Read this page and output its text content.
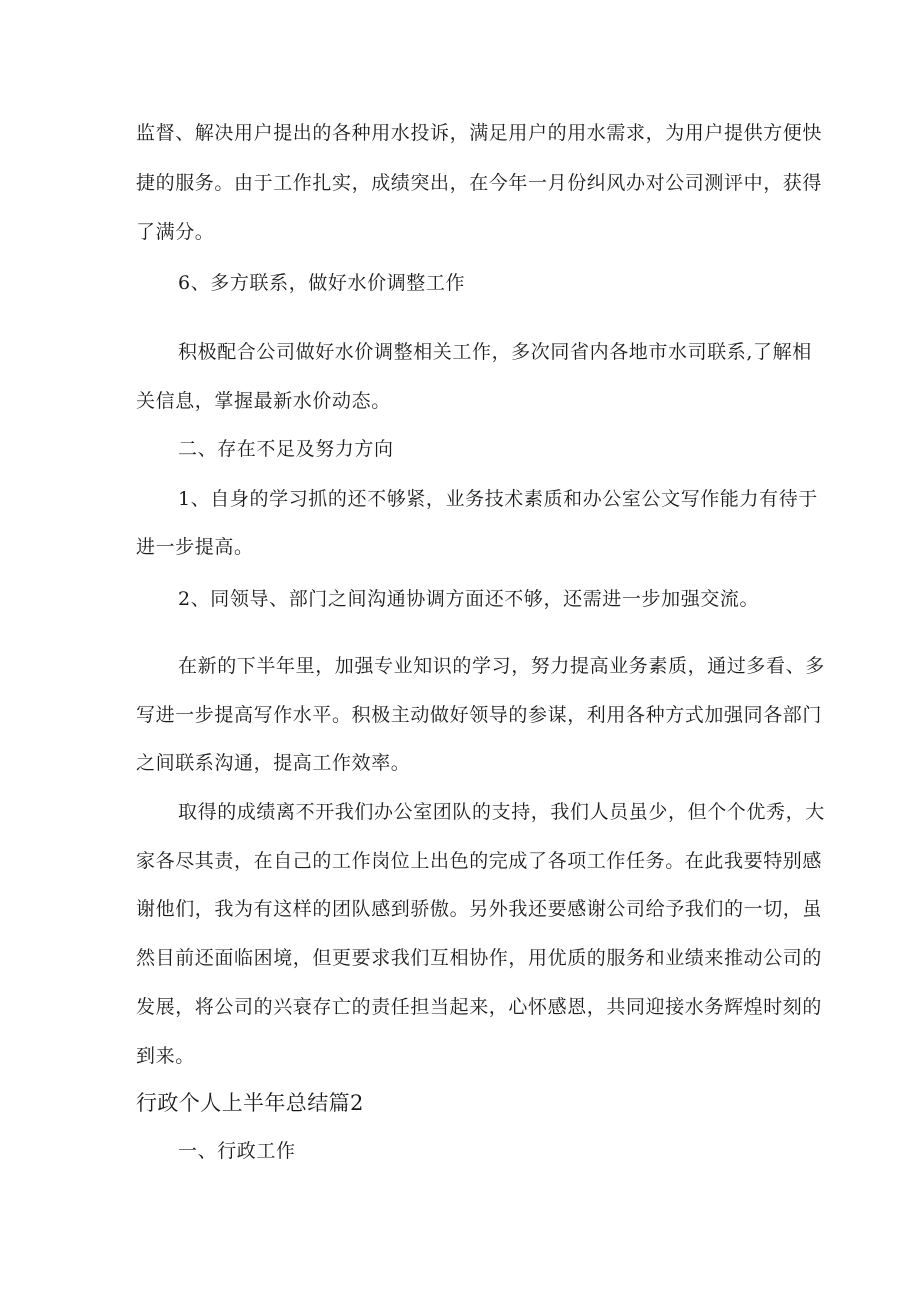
监督、解决用户提出的各种用水投诉，满足用户的用水需求，为用户提供方便快
捷的服务。由于工作扎实，成绩突出，在今年一月份纠风办对公司测评中，获得
了满分。
6、多方联系，做好水价调整工作
积极配合公司做好水价调整相关工作，多次同省内各地市水司联系,了解相
关信息，掌握最新水价动态。
二、存在不足及努力方向
1、自身的学习抓的还不够紧，业务技术素质和办公室公文写作能力有待于
进一步提高。
2、同领导、部门之间沟通协调方面还不够，还需进一步加强交流。
在新的下半年里，加强专业知识的学习，努力提高业务素质，通过多看、多
写进一步提高写作水平。积极主动做好领导的参谋，利用各种方式加强同各部门
之间联系沟通，提高工作效率。
取得的成绩离不开我们办公室团队的支持，我们人员虽少，但个个优秀，大
家各尽其责，在自己的工作岗位上出色的完成了各项工作任务。在此我要特别感
谢他们，我为有这样的团队感到骄傲。另外我还要感谢公司给予我们的一切，虽
然目前还面临困境，但更要求我们互相协作，用优质的服务和业绩来推动公司的
发展，将公司的兴衰存亡的责任担当起来，心怀感恩，共同迎接水务辉煌时刻的
到来。
行政个人上半年总结篇2
一、行政工作
